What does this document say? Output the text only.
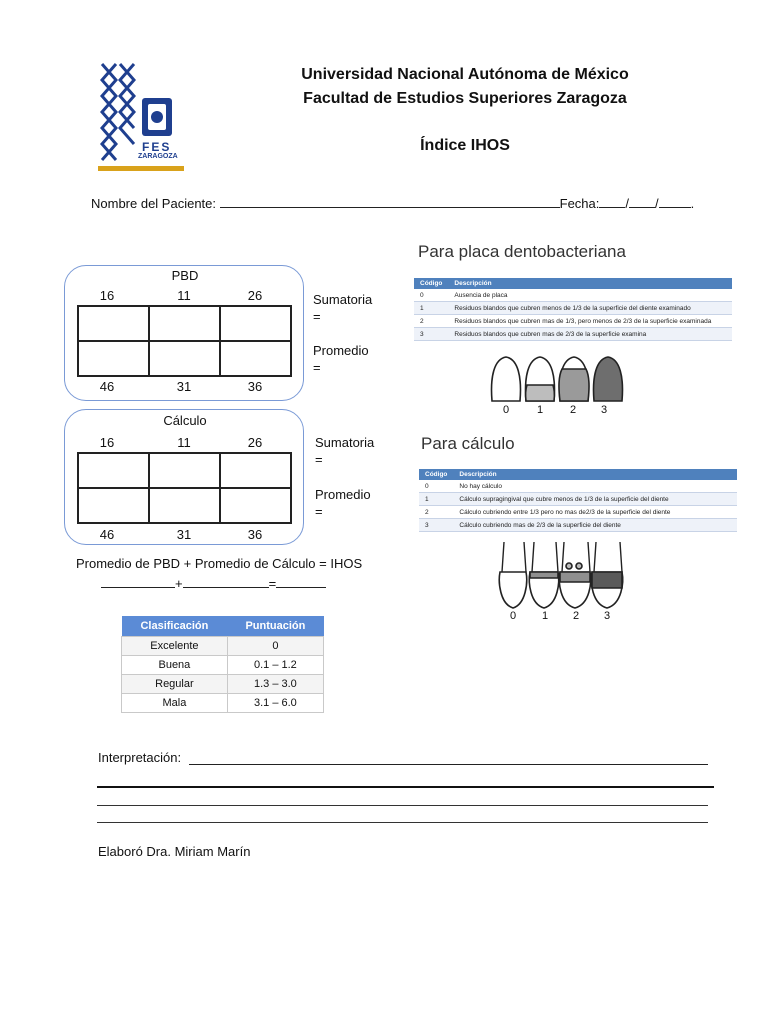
FES
ZARAGOZA
Universidad Nacional Autónoma de México
Facultad de Estudios Superiores Zaragoza
Índice IHOS
Nombre del Paciente:	Fecha: / / .
PBD
16	11	26
46	31	36
Sumatoria
=
Promedio
=
Cálculo
16	11	26
46	31	36
Sumatoria
=
Promedio
=
Promedio de PBD + Promedio de Cálculo = IHOS
+	=
Clasificación	Puntuación
Excelente	0
Buena	0.1 – 1.2
Regular	1.3 – 3.0
Mala	3.1 – 6.0
Para placa dentobacteriana
Código	Descripción
0	Ausencia de placa
1	Residuos blandos que cubren menos de 1/3 de la superficie del diente examinado
2	Residuos blandos que cubren mas de 1/3, pero menos de 2/3 de la superficie examinada
3	Residuos blandos que cubren mas de 2/3 de la superficie examina
0	1 2 3
Para cálculo
Código	Descripción
0	No hay cálculo
1	Cálculo supragingival que cubre menos de 1/3 de la superficie del diente
2	Cálculo cubriendo entre 1/3 pero no mas de2/3 de la superficie del diente
3	Cálculo cubriendo mas de 2/3 de la superficie del diente
0 1 2 3
Interpretación:
Elaboró Dra. Miriam Marín
